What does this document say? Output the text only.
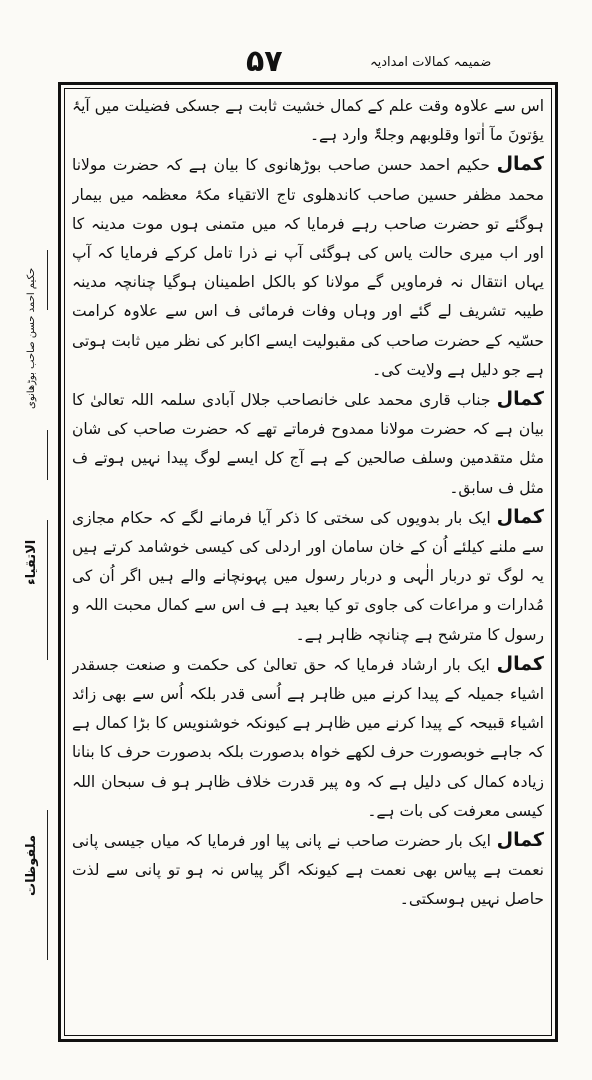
۵۷	ضمیمہ کمالات امدادیہ
حکیم احمد حسن صاحب بوڑھانوی
الاتقیاء
ملفوظات

اس سے علاوہ وقت علم کے کمال خشیت ثابت ہے جسکی فضیلت میں آیۂ یؤتونَ مآ اٰتوا وقلوبھم وجلۃٌ وارد ہے۔

کمال حکیم احمد حسن صاحب بوڑھانوی کا بیان ہے کہ حضرت مولانا محمد مظفر حسین صاحب کاندھلوی تاج الاتقیاء مکۂ معظمہ میں بیمار ہوگئے تو حضرت صاحب رہے فرمایا کہ میں متمنی ہوں موت مدینہ کا اور اب میری حالت یاس کی ہوگئی آپ نے ذرا تامل کرکے فرمایا کہ آپ یہاں انتقال نہ فرماویں گے مولانا کو بالکل اطمینان ہوگیا چنانچہ مدینہ طیبہ تشریف لے گئے اور وہاں وفات فرمائی ف اس سے علاوہ کرامت حسّیہ کے حضرت صاحب کی مقبولیت ایسے اکابر کی نظر میں ثابت ہوتی ہے جو دلیل ہے ولایت کی۔

کمال جناب قاری محمد علی خانصاحب جلال آبادی سلمہ اللہ تعالیٰ کا بیان ہے کہ حضرت مولانا ممدوح فرماتے تھے کہ حضرت صاحب کی شان مثل متقدمین وسلف صالحین کے ہے آج کل ایسے لوگ پیدا نہیں ہوتے ف مثل ف سابق۔

کمال ایک بار بدویوں کی سختی کا ذکر آیا فرمانے لگے کہ حکام مجازی سے ملنے کیلئے اُن کے خان سامان اور اردلی کی کیسی خوشامد کرتے ہیں یہ لوگ تو دربار الٰہی و دربار رسول میں پہونچانے والے ہیں اگر اُن کی مُدارات و مراعات کی جاوی تو کیا بعید ہے ف اس سے کمال محبت اللہ و رسول کا مترشح ہے چنانچہ ظاہر ہے۔

کمال ایک بار ارشاد فرمایا کہ حق تعالیٰ کی حکمت و صنعت جسقدر اشیاء جمیلہ کے پیدا کرنے میں ظاہر ہے اُسی قدر بلکہ اُس سے بھی زائد اشیاء قبیحہ کے پیدا کرنے میں ظاہر ہے کیونکہ خوشنویس کا بڑا کمال ہے کہ جاہے خوبصورت حرف لکھے خواہ بدصورت بلکہ بدصورت حرف کا بنانا زیادہ کمال کی دلیل ہے کہ وہ پیر قدرت خلاف ظاہر ہو ف سبحان اللہ کیسی معرفت کی بات ہے۔

کمال ایک بار حضرت صاحب نے پانی پیا اور فرمایا کہ میاں جیسی پانی نعمت ہے پیاس بھی نعمت ہے کیونکہ اگر پیاس نہ ہو تو پانی سے لذت حاصل نہیں ہوسکتی۔
